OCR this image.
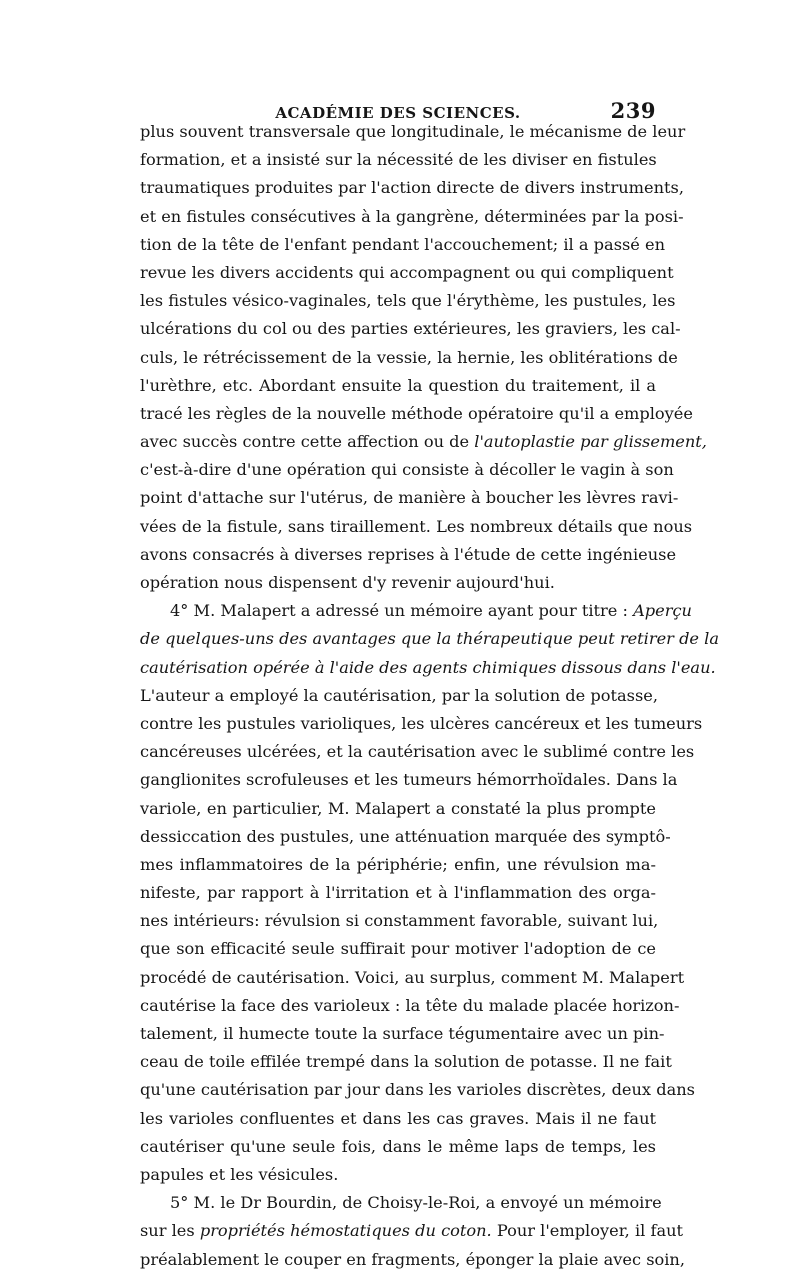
ACADÉMIE DES SCIENCES.	239
plus souvent transversale que longitudinale, le mécanisme de leur
formation, et a insisté sur la nécessité de les diviser en fistules
traumatiques produites par l'action directe de divers instruments,
et en fistules consécutives à la gangrène, déterminées par la posi-
tion de la tête de l'enfant pendant l'accouchement; il a passé en
revue les divers accidents qui accompagnent ou qui compliquent
les fistules vésico-vaginales, tels que l'érythème, les pustules, les
ulcérations du col ou des parties extérieures, les graviers, les cal-
culs, le rétrécissement de la vessie, la hernie, les oblitérations de
l'urèthre, etc. Abordant ensuite la question du traitement, il a
tracé les règles de la nouvelle méthode opératoire qu'il a employée
avec succès contre cette affection ou de l'autoplastie par glissement,
c'est-à-dire d'une opération qui consiste à décoller le vagin à son
point d'attache sur l'utérus, de manière à boucher les lèvres ravi-
vées de la fistule, sans tiraillement. Les nombreux détails que nous
avons consacrés à diverses reprises à l'étude de cette ingénieuse
opération nous dispensent d'y revenir aujourd'hui.
4° M. Malapert a adressé un mémoire ayant pour titre : Aperçu
de quelques-uns des avantages que la thérapeutique peut retirer de la
cautérisation opérée à l'aide des agents chimiques dissous dans l'eau.
L'auteur a employé la cautérisation, par la solution de potasse,
contre les pustules varioliques, les ulcères cancéreux et les tumeurs
cancéreuses ulcérées, et la cautérisation avec le sublimé contre les
ganglionites scrofuleuses et les tumeurs hémorrhoïdales. Dans la
variole, en particulier, M. Malapert a constaté la plus prompte
dessiccation des pustules, une atténuation marquée des symptô-
mes inflammatoires de la périphérie; enfin, une révulsion ma-
nifeste, par rapport à l'irritation et à l'inflammation des orga-
nes intérieurs: révulsion si constamment favorable, suivant lui,
que son efficacité seule suffirait pour motiver l'adoption de ce
procédé de cautérisation. Voici, au surplus, comment M. Malapert
cautérise la face des varioleux : la tête du malade placée horizon-
talement, il humecte toute la surface tégumentaire avec un pin-
ceau de toile effilée trempé dans la solution de potasse. Il ne fait
qu'une cautérisation par jour dans les varioles discrètes, deux dans
les varioles confluentes et dans les cas graves. Mais il ne faut
cautériser qu'une seule fois, dans le même laps de temps, les
papules et les vésicules.
5° M. le Dr Bourdin, de Choisy-le-Roi, a envoyé un mémoire
sur les propriétés hémostatiques du coton. Pour l'employer, il faut
préalablement le couper en fragments, éponger la plaie avec soin,
